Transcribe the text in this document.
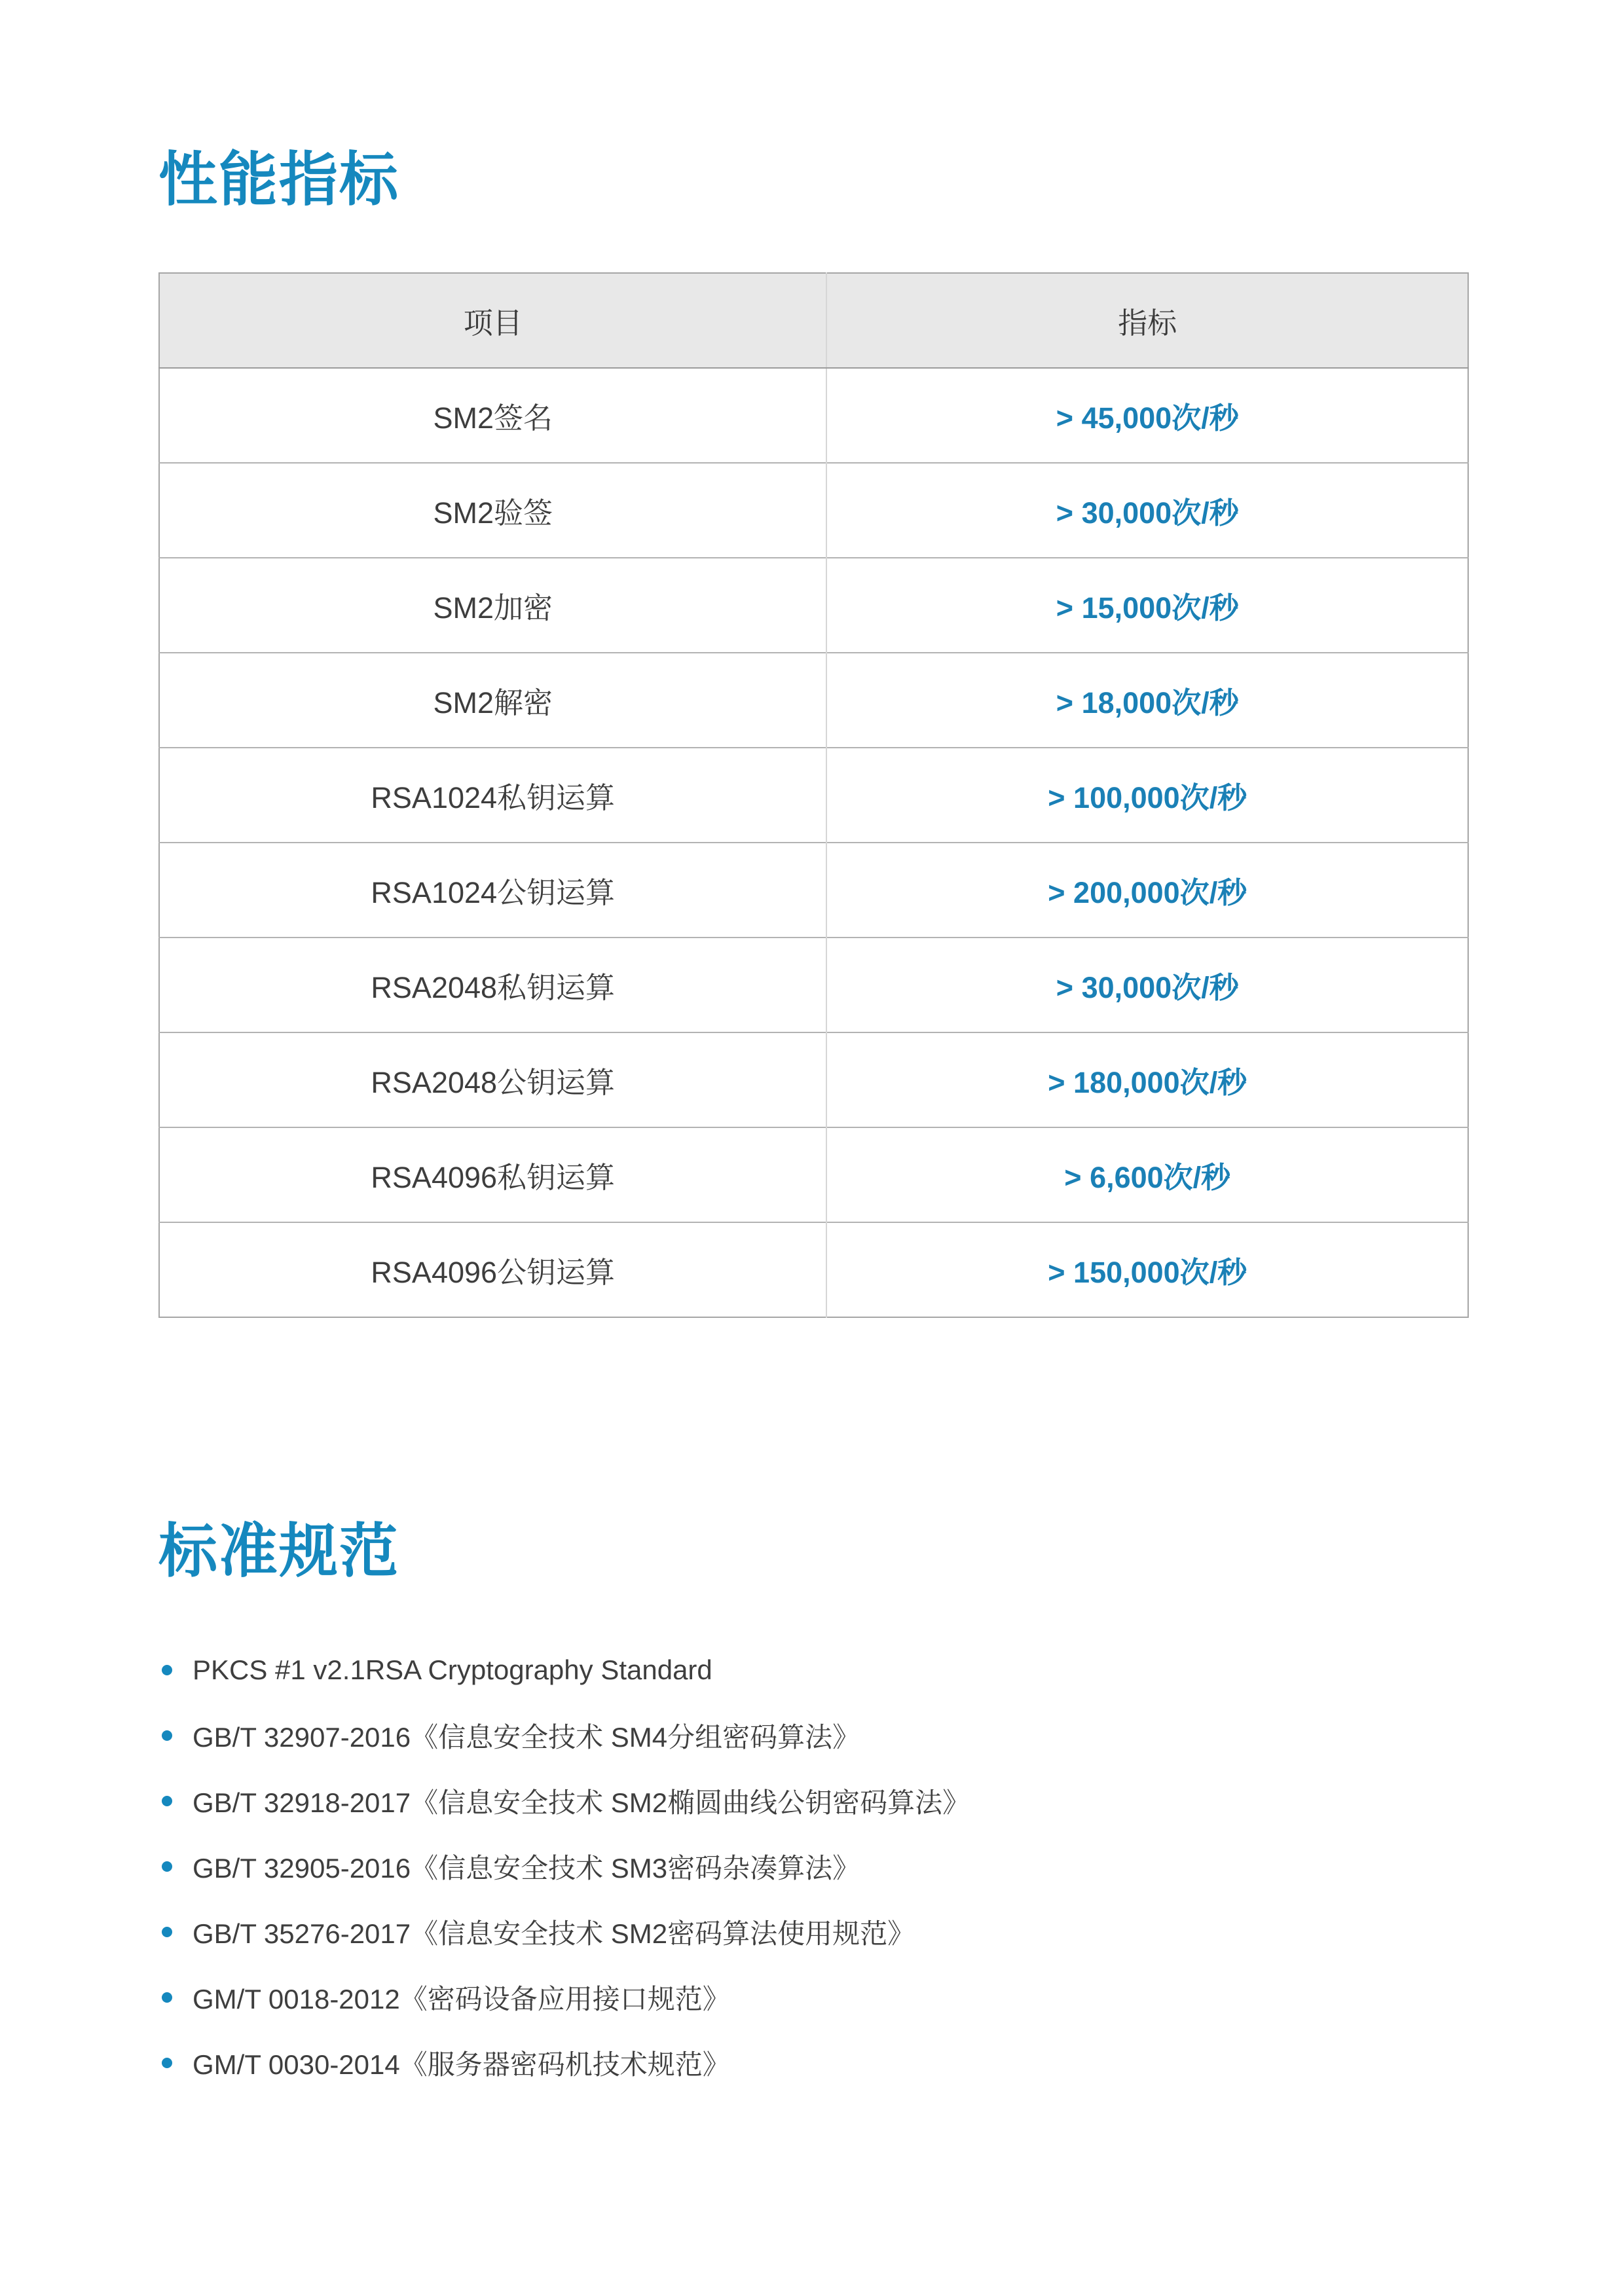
性能指标
项目	指标
SM2签名	> 45,000次/秒
SM2验签	> 30,000次/秒
SM2加密	> 15,000次/秒
SM2解密	> 18,000次/秒
RSA1024私钥运算	> 100,000次/秒
RSA1024公钥运算	> 200,000次/秒
RSA2048私钥运算	> 30,000次/秒
RSA2048公钥运算	> 180,000次/秒
RSA4096私钥运算	> 6,600次/秒
RSA4096公钥运算	> 150,000次/秒
标准规范
PKCS #1 v2.1RSA Cryptography Standard
GB/T 32907-2016《信息安全技术 SM4分组密码算法》
GB/T 32918-2017《信息安全技术 SM2椭圆曲线公钥密码算法》
GB/T 32905-2016《信息安全技术 SM3密码杂凑算法》
GB/T 35276-2017《信息安全技术 SM2密码算法使用规范》
GM/T 0018-2012《密码设备应用接口规范》
GM/T 0030-2014《服务器密码机技术规范》
